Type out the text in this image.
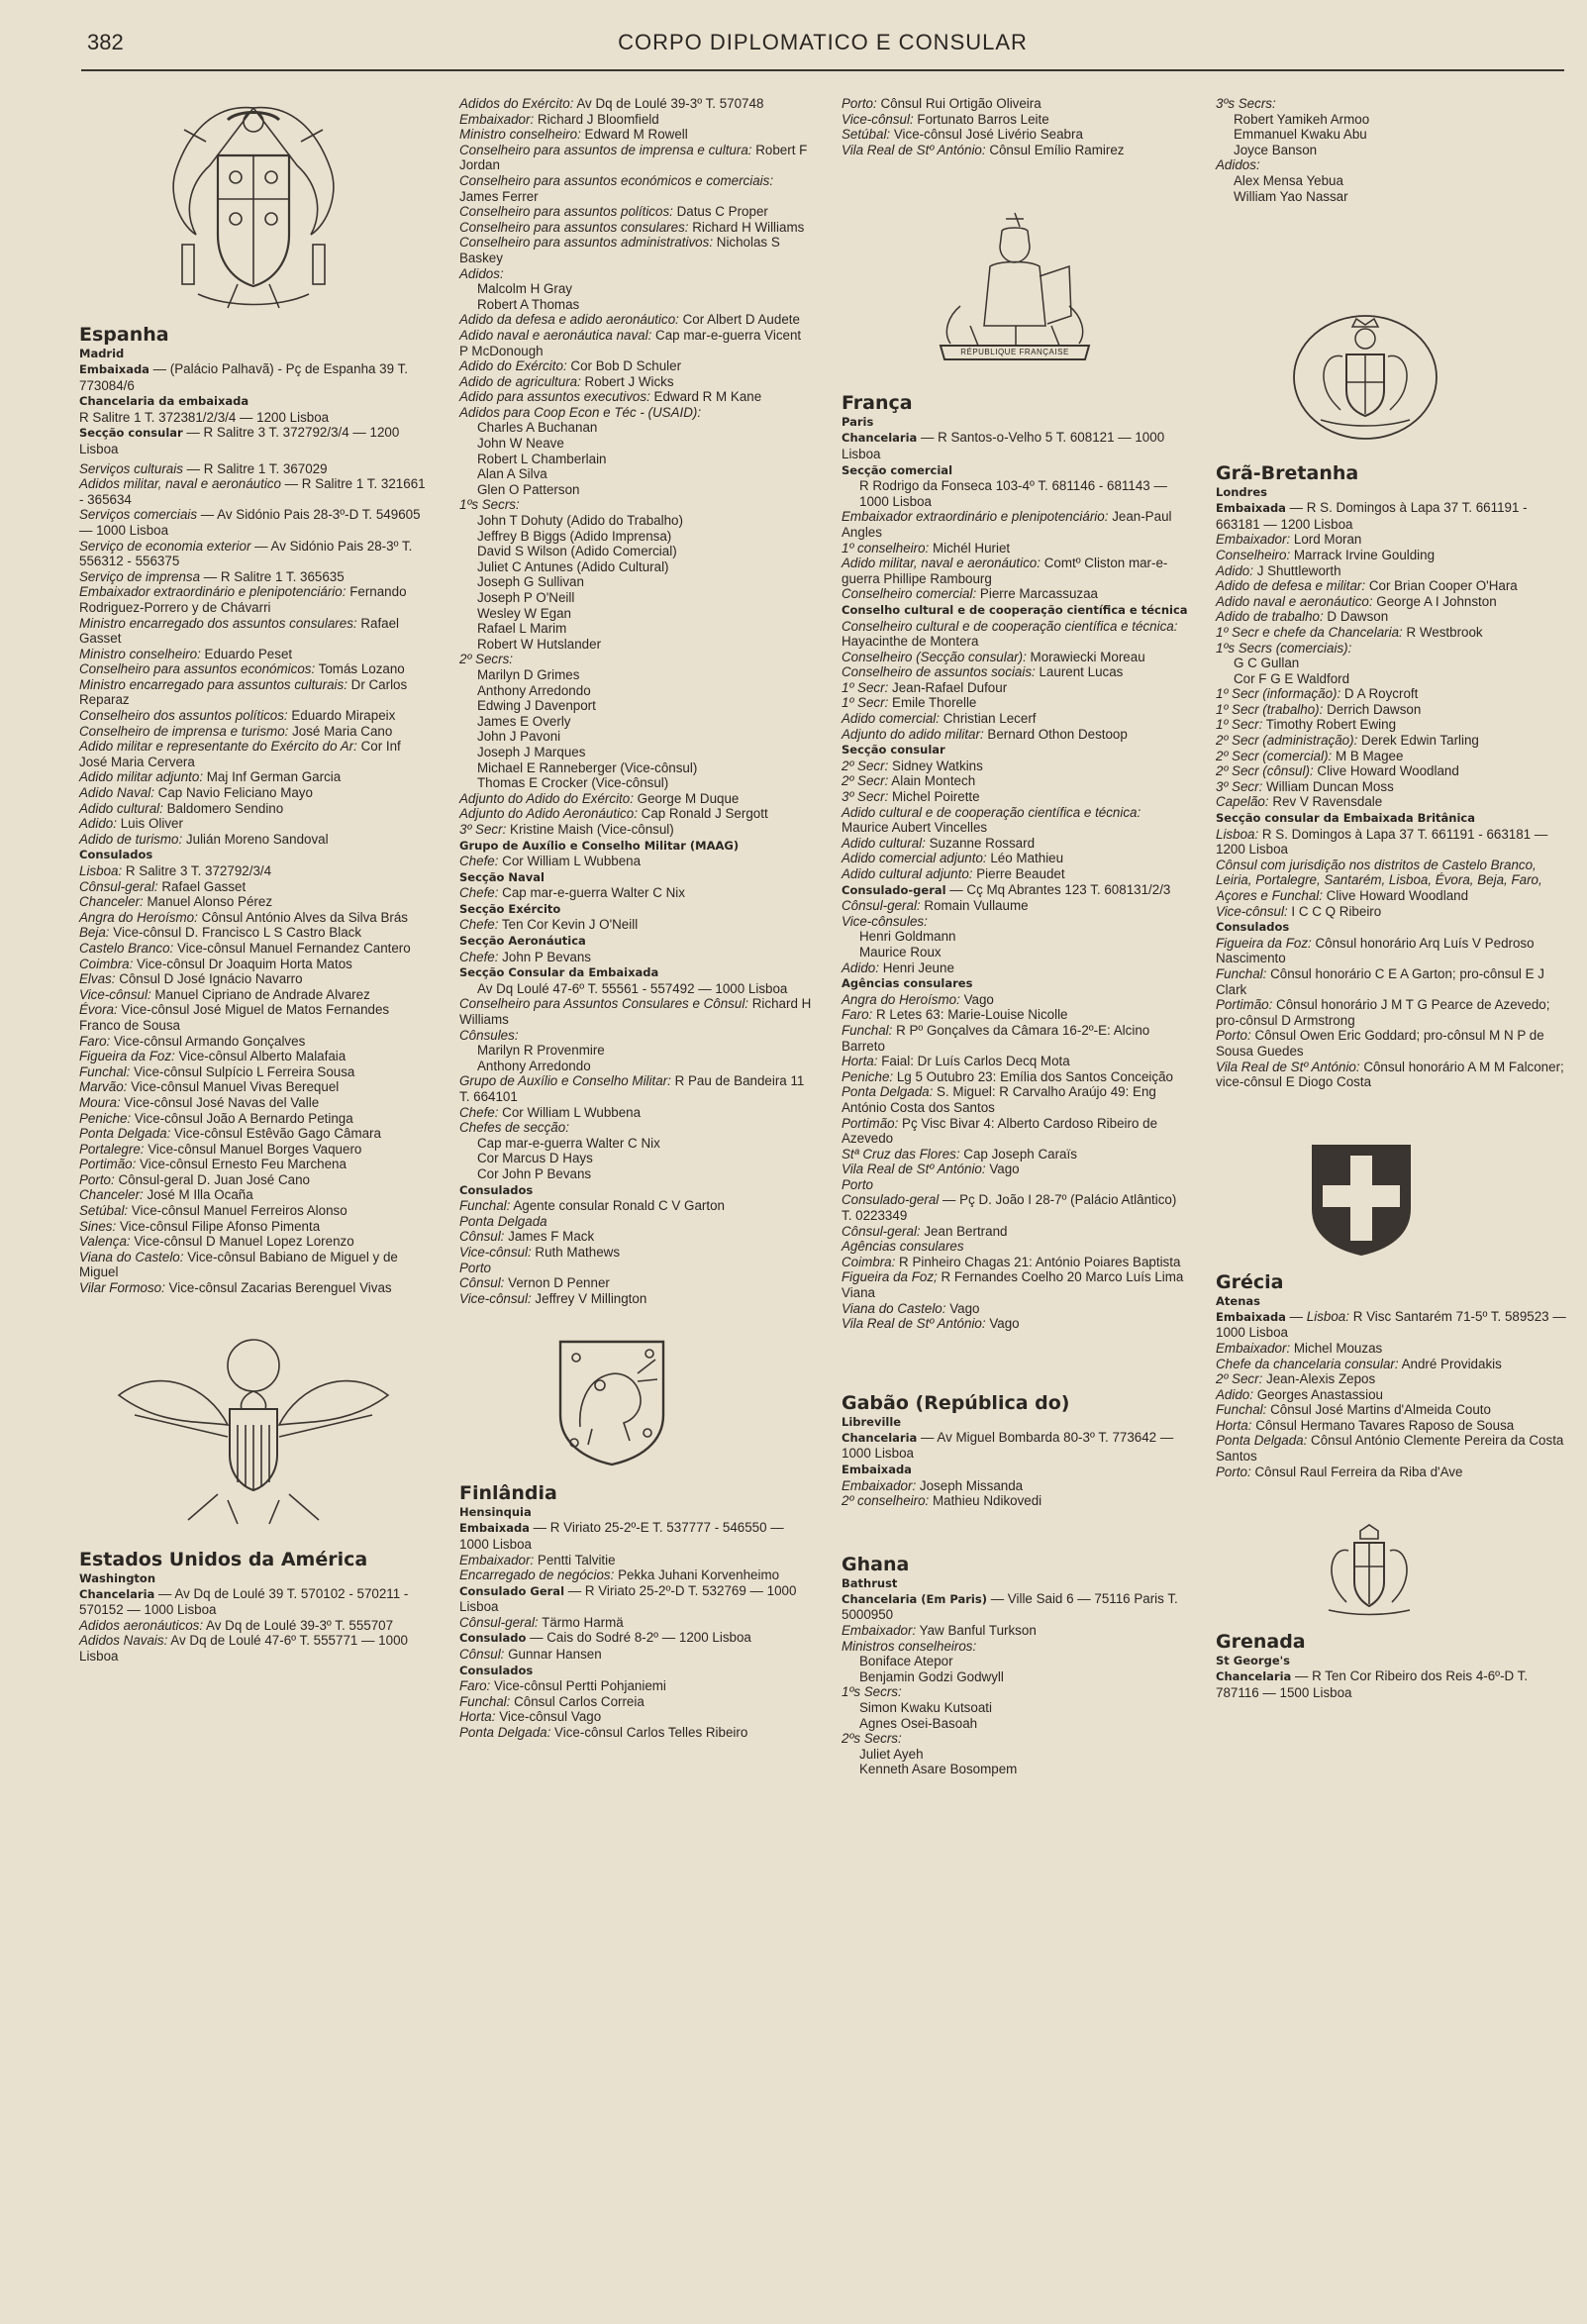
382	CORPO DIPLOMATICO E CONSULAR

Espanha

Madrid

Embaixada — (Palácio Palhavã) - Pç de Espanha 39 T. 773084/6

Chancelaria da embaixada
R Salitre 1 T. 372381/2/3/4 — 1200 Lisboa

Secção consular — R Salitre 3 T. 372792/3/4 — 1200 Lisboa

Serviços culturais — R Salitre 1 T. 367029

Adidos militar, naval e aeronáutico — R Salitre 1 T. 321661 - 365634

Serviços comerciais — Av Sidónio Pais 28-3º-D T. 549605 — 1000 Lisboa

Serviço de economia exterior — Av Sidónio Pais 28-3º T. 556312 - 556375

Serviço de imprensa — R Salitre 1 T. 365635

Embaixador extraordinário e plenipotenciário: Fernando Rodriguez-Porrero y de Chávarri

Ministro encarregado dos assuntos consulares: Rafael Gasset

Ministro conselheiro: Eduardo Peset

Conselheiro para assuntos económicos: Tomás Lozano

Ministro encarregado para assuntos culturais: Dr Carlos Reparaz

Conselheiro dos assuntos políticos: Eduardo Mirapeix

Conselheiro de imprensa e turismo: José Maria Cano

Adido militar e representante do Exército do Ar: Cor Inf José Maria Cervera

Adido militar adjunto: Maj Inf German Garcia

Adido Naval: Cap Navio Feliciano Mayo

Adido cultural: Baldomero Sendino

Adido: Luis Oliver

Adido de turismo: Julián Moreno Sandoval

Consulados

Lisboa: R Salitre 3 T. 372792/3/4

Cônsul-geral: Rafael Gasset

Chanceler: Manuel Alonso Pérez

Angra do Heroísmo: Cônsul António Alves da Silva Brás

Beja: Vice-cônsul D. Francisco L S Castro Black

Castelo Branco: Vice-cônsul Manuel Fernandez Cantero

Coimbra: Vice-cônsul Dr Joaquim Horta Matos

Elvas: Cônsul D José Ignácio Navarro

Vice-cônsul: Manuel Cipriano de Andrade Alvarez

Évora: Vice-cônsul José Miguel de Matos Fernandes Franco de Sousa

Faro: Vice-cônsul Armando Gonçalves

Figueira da Foz: Vice-cônsul Alberto Malafaia

Funchal: Vice-cônsul Sulpício L Ferreira Sousa

Marvão: Vice-cônsul Manuel Vivas Berequel

Moura: Vice-cônsul José Navas del Valle

Peniche: Vice-cônsul João A Bernardo Petinga

Ponta Delgada: Vice-cônsul Estêvão Gago Câmara

Portalegre: Vice-cônsul Manuel Borges Vaquero

Portimão: Vice-cônsul Ernesto Feu Marchena

Porto: Cônsul-geral D. Juan José Cano

Chanceler: José M Illa Ocaña

Setúbal: Vice-cônsul Manuel Ferreiros Alonso

Sines: Vice-cônsul Filipe Afonso Pimenta

Valença: Vice-cônsul D Manuel Lopez Lorenzo

Viana do Castelo: Vice-cônsul Babiano de Miguel y de Miguel

Vilar Formoso: Vice-cônsul Zacarias Berenguel Vivas

Estados Unidos da América

Washington

Chancelaria — Av Dq de Loulé 39 T. 570102 - 570211 - 570152 — 1000 Lisboa

Adidos aeronáuticos: Av Dq de Loulé 39-3º T. 555707

Adidos Navais: Av Dq de Loulé 47-6º T. 555771 — 1000 Lisboa

Adidos do Exército: Av Dq de Loulé 39-3º T. 570748

Embaixador: Richard J Bloomfield

Ministro conselheiro: Edward M Rowell

Conselheiro para assuntos de imprensa e cultura: Robert F Jordan

Conselheiro para assuntos económicos e comerciais: James Ferrer

Conselheiro para assuntos políticos: Datus C Proper

Conselheiro para assuntos consulares: Richard H Williams

Conselheiro para assuntos administrativos: Nicholas S Baskey

Adidos:

Malcolm H Gray

Robert A Thomas

Adido da defesa e adido aeronáutico: Cor Albert D Audete

Adido naval e aeronáutica naval: Cap mar-e-guerra Vicent P McDonough

Adido do Exército: Cor Bob D Schuler

Adido de agricultura: Robert J Wicks

Adido para assuntos executivos: Edward R M Kane

Adidos para Coop Econ e Téc - (USAID):

Charles A Buchanan

John W Neave

Robert L Chamberlain

Alan A Silva

Glen O Patterson

1ºs Secrs:

John T Dohuty (Adido do Trabalho)

Jeffrey B Biggs (Adido Imprensa)

David S Wilson (Adido Comercial)

Juliet C Antunes (Adido Cultural)

Joseph G Sullivan

Joseph P O'Neill

Wesley W Egan

Rafael L Marim

Robert W Hutslander

2º Secrs:

Marilyn D Grimes

Anthony Arredondo

Edwing J Davenport

James E Overly

John J Pavoni

Joseph J Marques

Michael E Ranneberger (Vice-cônsul)

Thomas E Crocker (Vice-cônsul)

Adjunto do Adido do Exército: George M Duque

Adjunto do Adido Aeronáutico: Cap Ronald J Sergott

3º Secr: Kristine Maish (Vice-cônsul)

Grupo de Auxílio e Conselho Militar (MAAG)

Chefe: Cor William L Wubbena

Secção Naval

Chefe: Cap mar-e-guerra Walter C Nix

Secção Exército

Chefe: Ten Cor Kevin J O'Neill

Secção Aeronáutica

Chefe: John P Bevans

Secção Consular da Embaixada

Av Dq Loulé 47-6º T. 55561 - 557492 — 1000 Lisboa

Conselheiro para Assuntos Consulares e Cônsul: Richard H Williams

Cônsules:

Marilyn R Provenmire

Anthony Arredondo

Grupo de Auxílio e Conselho Militar: R Pau de Bandeira 11 T. 664101

Chefe: Cor William L Wubbena

Chefes de secção:

Cap mar-e-guerra Walter C Nix

Cor Marcus D Hays

Cor John P Bevans

Consulados

Funchal: Agente consular Ronald C V Garton

Ponta Delgada

Cônsul: James F Mack

Vice-cônsul: Ruth Mathews

Porto

Cônsul: Vernon D Penner

Vice-cônsul: Jeffrey V Millington

Finlândia

Hensinquia

Embaixada — R Viriato 25-2º-E T. 537777 - 546550 — 1000 Lisboa

Embaixador: Pentti Talvitie

Encarregado de negócios: Pekka Juhani Korvenheimo

Consulado Geral — R Viriato 25-2º-D T. 532769 — 1000 Lisboa

Cônsul-geral: Tärmo Harmä

Consulado — Cais do Sodré 8-2º — 1200 Lisboa

Cônsul: Gunnar Hansen

Consulados

Faro: Vice-cônsul Pertti Pohjaniemi

Funchal: Cônsul Carlos Correia

Horta: Vice-cônsul Vago

Ponta Delgada: Vice-cônsul Carlos Telles Ribeiro

Porto: Cônsul Rui Ortigão Oliveira

Vice-cônsul: Fortunato Barros Leite

Setúbal: Vice-cônsul José Livério Seabra

Vila Real de Stº António: Cônsul Emílio Ramirez

RÉPUBLIQUE FRANÇAISE

França

Paris

Chancelaria — R Santos-o-Velho 5 T. 608121 — 1000 Lisboa

Secção comercial

R Rodrigo da Fonseca 103-4º T. 681146 - 681143 — 1000 Lisboa

Embaixador extraordinário e plenipotenciário: Jean-Paul Angles

1º conselheiro: Michél Huriet

Adido militar, naval e aeronáutico: Comtº Cliston mar-e-guerra Phillipe Rambourg

Conselheiro comercial: Pierre Marcassuzaa

Conselho cultural e de cooperação científica e técnica

Conselheiro cultural e de cooperação científica e técnica: Hayacinthe de Montera

Conselheiro (Secção consular): Morawiecki Moreau

Conselheiro de assuntos sociais: Laurent Lucas

1º Secr: Jean-Rafael Dufour

1º Secr: Emile Thorelle

Adido comercial: Christian Lecerf

Adjunto do adido militar: Bernard Othon Destoop

Secção consular

2º Secr: Sidney Watkins

2º Secr: Alain Montech

3º Secr: Michel Poirette

Adido cultural e de cooperação científica e técnica: Maurice Aubert Vincelles

Adido cultural: Suzanne Rossard

Adido comercial adjunto: Léo Mathieu

Adido cultural adjunto: Pierre Beaudet

Consulado-geral — Cç Mq Abrantes 123 T. 608131/2/3

Cônsul-geral: Romain Vullaume

Vice-cônsules:

Henri Goldmann

Maurice Roux

Adido: Henri Jeune

Agências consulares

Angra do Heroísmo: Vago

Faro: R Letes 63: Marie-Louise Nicolle

Funchal: R Pº Gonçalves da Câmara 16-2º-E: Alcino Barreto

Horta: Faial: Dr Luís Carlos Decq Mota

Peniche: Lg 5 Outubro 23: Emília dos Santos Conceição

Ponta Delgada: S. Miguel: R Carvalho Araújo 49: Eng António Costa dos Santos

Portimão: Pç Visc Bivar 4: Alberto Cardoso Ribeiro de Azevedo

Stª Cruz das Flores: Cap Joseph Caraïs

Vila Real de Stº António: Vago

Porto

Consulado-geral — Pç D. João I 28-7º (Palácio Atlântico) T. 0223349

Cônsul-geral: Jean Bertrand

Agências consulares

Coimbra: R Pinheiro Chagas 21: António Poiares Baptista

Figueira da Foz; R Fernandes Coelho 20 Marco Luís Lima Viana

Viana do Castelo: Vago

Vila Real de Stº António: Vago

Gabão (República do)

Libreville

Chancelaria — Av Miguel Bombarda 80-3º T. 773642 — 1000 Lisboa

Embaixada

Embaixador: Joseph Missanda

2º conselheiro: Mathieu Ndikovedi

Ghana

Bathrust

Chancelaria (Em Paris) — Ville Said 6 — 75116 Paris T. 5000950

Embaixador: Yaw Banful Turkson

Ministros conselheiros:

Boniface Atepor

Benjamin Godzi Godwyll

1ºs Secrs:

Simon Kwaku Kutsoati

Agnes Osei-Basoah

2ºs Secrs:

Juliet Ayeh

Kenneth Asare Bosompem

3ºs Secrs:

Robert Yamikeh Armoo

Emmanuel Kwaku Abu

Joyce Banson

Adidos:

Alex Mensa Yebua

William Yao Nassar

Grã-Bretanha

Londres

Embaixada — R S. Domingos à Lapa 37 T. 661191 - 663181 — 1200 Lisboa

Embaixador: Lord Moran

Conselheiro: Marrack Irvine Goulding

Adido: J Shuttleworth

Adido de defesa e militar: Cor Brian Cooper O'Hara

Adido naval e aeronáutico: George A I Johnston

Adido de trabalho: D Dawson

1º Secr e chefe da Chancelaria: R Westbrook

1ºs Secrs (comerciais):

G C Gullan

Cor F G E Waldford

1º Secr (informação): D A Roycroft

1º Secr (trabalho): Derrich Dawson

1º Secr: Timothy Robert Ewing

2º Secr (administração): Derek Edwin Tarling

2º Secr (comercial): M B Magee

2º Secr (cônsul): Clive Howard Woodland

3º Secr: William Duncan Moss

Capelão: Rev V Ravensdale

Secção consular da Embaixada Britânica

Lisboa: R S. Domingos à Lapa 37 T. 661191 - 663181 — 1200 Lisboa

Cônsul com jurisdição nos distritos de Castelo Branco, Leiria, Portalegre, Santarém, Lisboa, Évora, Beja, Faro, Açores e Funchal: Clive Howard Woodland

Vice-cônsul: I C C Q Ribeiro

Consulados

Figueira da Foz: Cônsul honorário Arq Luís V Pedroso Nascimento

Funchal: Cônsul honorário C E A Garton; pro-cônsul E J Clark

Portimão: Cônsul honorário J M T G Pearce de Azevedo; pro-cônsul D Armstrong

Porto: Cônsul Owen Eric Goddard; pro-cônsul M N P de Sousa Guedes

Vila Real de Stº António: Cônsul honorário A M M Falconer; vice-cônsul E Diogo Costa

Grécia

Atenas

Embaixada — Lisboa: R Visc Santarém 71-5º T. 589523 — 1000 Lisboa

Embaixador: Michel Mouzas

Chefe da chancelaria consular: André Providakis

2º Secr: Jean-Alexis Zepos

Adido: Georges Anastassiou

Funchal: Cônsul José Martins d'Almeida Couto

Horta: Cônsul Hermano Tavares Raposo de Sousa

Ponta Delgada: Cônsul António Clemente Pereira da Costa Santos

Porto: Cônsul Raul Ferreira da Riba d'Ave

Grenada

St George's

Chancelaria — R Ten Cor Ribeiro dos Reis 4-6º-D T. 787116 — 1500 Lisboa
